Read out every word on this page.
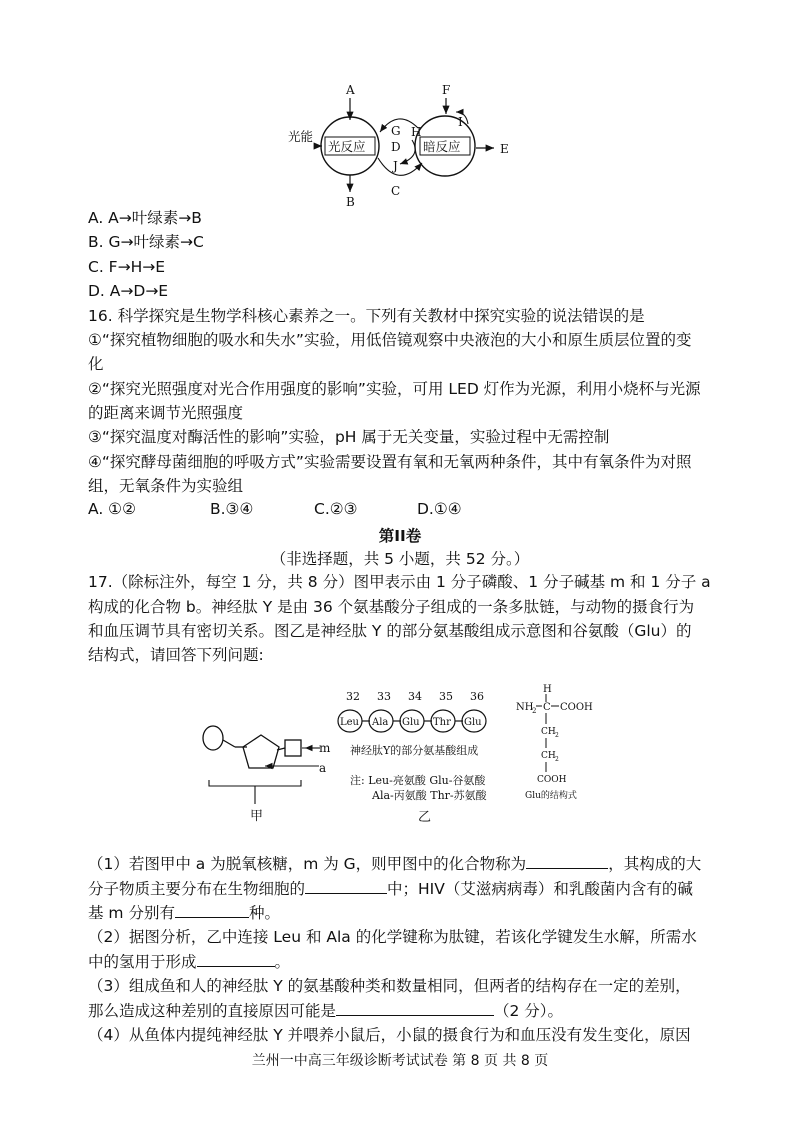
A
光反应
光能
B
暗反应
F
I
E
G H
D
J
C
A. A→叶绿素→B
B. G→叶绿素→C
C. F→H→E
D. A→D→E
16. 科学探究是生物学科核心素养之一。下列有关教材中探究实验的说法错误的是
①“探究植物细胞的吸水和失水”实验，用低倍镜观察中央液泡的大小和原生质层位置的变
化
②“探究光照强度对光合作用强度的影响”实验，可用 LED 灯作为光源，利用小烧杯与光源
的距离来调节光照强度
③“探究温度对酶活性的影响”实验，pH 属于无关变量，实验过程中无需控制
④“探究酵母菌细胞的呼吸方式”实验需要设置有氧和无氧两种条件，其中有氧条件为对照
组，无氧条件为实验组
A. ①②	B.③④	C.②③	D.①④
第II卷
（非选择题，共 5 小题，共 52 分。）
17.（除标注外，每空 1 分，共 8 分）图甲表示由 1 分子磷酸、1 分子碱基 m 和 1 分子 a
构成的化合物 b。神经肽 Y 是由 36 个氨基酸分子组成的一条多肽链，与动物的摄食行为
和血压调节具有密切关系。图乙是神经肽 Y 的部分氨基酸组成示意图和谷氨酸（Glu）的
结构式，请回答下列问题:
m
a
甲
32 33 34 35 36
Leu Ala Glu Thr Glu
神经肽Y的部分氨基酸组成
注: Leu-亮氨酸 Glu-谷氨酸
Ala-丙氨酸 Thr-苏氨酸
乙
H
NH
2 C COOH
CH 2
CH 2
COOH
Glu的结构式
（1）若图甲中 a 为脱氧核糖，m 为 G，则甲图中的化合物称为	，其构成的大
分子物质主要分布在生物细胞的	中；HIV（艾滋病病毒）和乳酸菌内含有的碱
基 m 分别有	种。
（2）据图分析，乙中连接 Leu 和 Ala 的化学键称为肽键，若该化学键发生水解，所需水
中的氢用于形成	。
（3）组成鱼和人的神经肽 Y 的氨基酸种类和数量相同，但两者的结构存在一定的差别，
那么造成这种差别的直接原因可能是	（2 分）。
（4）从鱼体内提纯神经肽 Y 并喂养小鼠后，小鼠的摄食行为和血压没有发生变化，原因
兰州一中高三年级诊断考试试卷 第 8 页 共 8 页
